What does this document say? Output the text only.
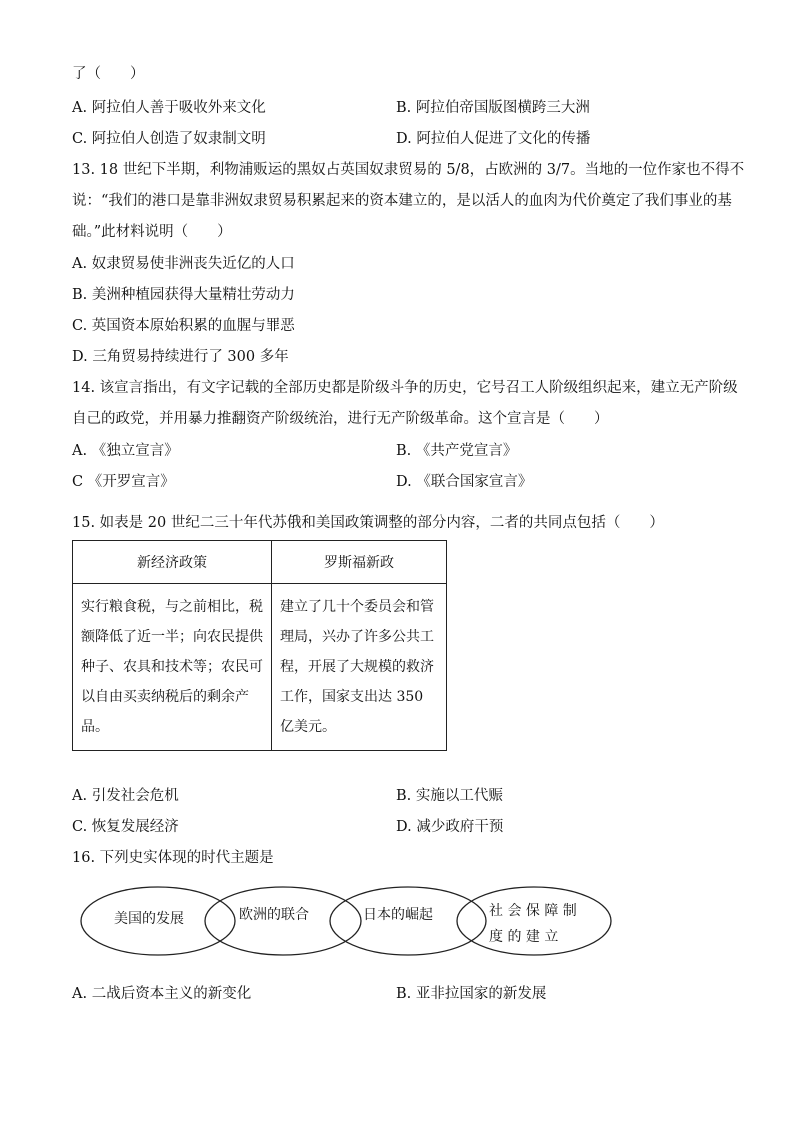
了（　　）
A. 阿拉伯人善于吸收外来文化	B. 阿拉伯帝国版图横跨三大洲
C. 阿拉伯人创造了奴隶制文明	D. 阿拉伯人促进了文化的传播
13. 18 世纪下半期，利物浦贩运的黑奴占英国奴隶贸易的 5/8，占欧洲的 3/7。当地的一位作家也不得不
说：“我们的港口是靠非洲奴隶贸易积累起来的资本建立的，是以活人的血肉为代价奠定了我们事业的基
础。”此材料说明（　　）
A. 奴隶贸易使非洲丧失近亿的人口
B. 美洲种植园获得大量精壮劳动力
C. 英国资本原始积累的血腥与罪恶
D. 三角贸易持续进行了 300 多年
14. 该宣言指出，有文字记载的全部历史都是阶级斗争的历史，它号召工人阶级组织起来，建立无产阶级
自己的政党，并用暴力推翻资产阶级统治，进行无产阶级革命。这个宣言是（　　）
A. 《独立宣言》	B. 《共产党宣言》
C 《开罗宣言》	D. 《联合国家宣言》
15. 如表是 20 世纪二三十年代苏俄和美国政策调整的部分内容，二者的共同点包括（　　）
新经济政策	罗斯福新政
实行粮食税，与之前相比，税额降低了近一半；向农民提供种子、农具和技术等；农民可以自由买卖纳税后的剩余产品。	建立了几十个委员会和管理局，兴办了许多公共工程，开展了大规模的救济工作，国家支出达 350 亿美元。
A. 引发社会危机	B. 实施以工代赈
C. 恢复发展经济	D. 减少政府干预
16. 下列史实体现的时代主题是
美国的发展	欧洲的联合	日本的崛起	社 会 保 障 制
度 的 建 立
A. 二战后资本主义的新变化	B. 亚非拉国家的新发展
